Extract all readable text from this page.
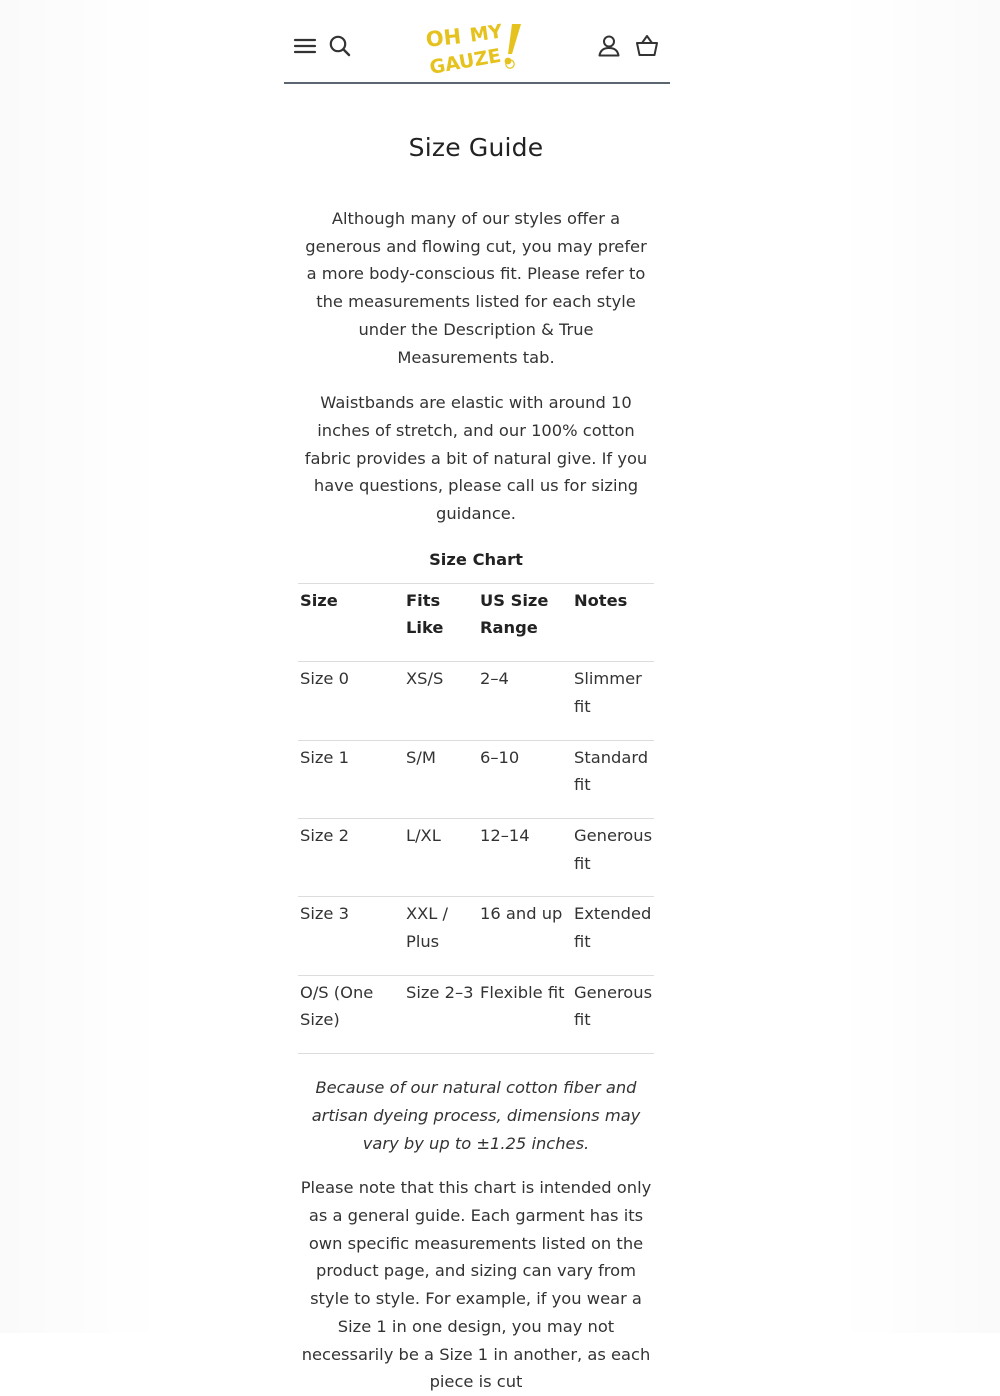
OH MY
GAUZE
Size Guide

Although many of our styles offer a generous and flowing cut, you may prefer a more body-conscious fit. Please refer to the measurements listed for each style under the Description & True Measurements tab.

Waistbands are elastic with around 10 inches of stretch, and our 100% cotton fabric provides a bit of natural give. If you have questions, please call us for sizing guidance.

Size Chart
Size	Fits Like	US Size Range	Notes
Size 0	XS/S	2–4	Slimmer fit
Size 1	S/M	6–10	Standard fit
Size 2	L/XL	12–14	Generous fit
Size 3	XXL / Plus	16 and up	Extended fit
O/S (One Size)	Size 2–3	Flexible fit	Generous fit

Because of our natural cotton fiber and artisan dyeing process, dimensions may vary by up to ±1.25 inches.

Please note that this chart is intended only as a general guide. Each garment has its own specific measurements listed on the product page, and sizing can vary from style to style. For example, if you wear a Size 1 in one design, you may not necessarily be a Size 1 in another, as each piece is cut
